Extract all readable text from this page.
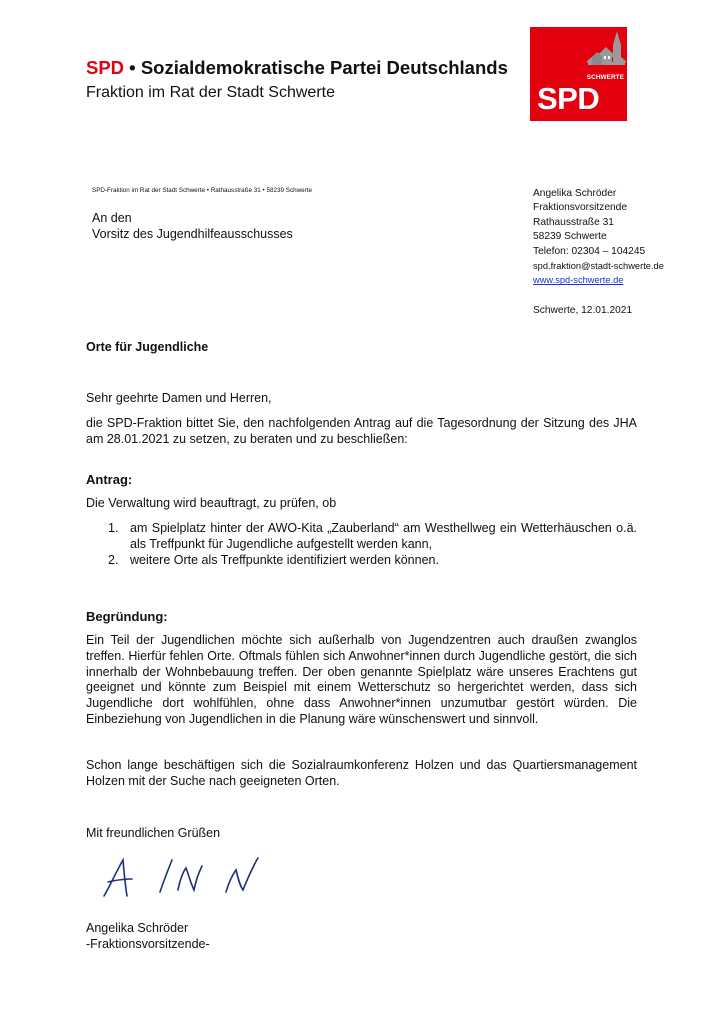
SPD • Sozialdemokratische Partei Deutschlands
Fraktion im Rat der Stadt Schwerte
SCHWERTE
SPD
SPD-Fraktion im Rat der Stadt Schwerte • Rathausstraße 31 • 58239 Schwerte
An den
Vorsitz des Jugendhilfeausschusses
Angelika Schröder
Fraktionsvorsitzende
Rathausstraße 31
58239 Schwerte
Telefon: 02304 – 104245
spd.fraktion@stadt-schwerte.de
www.spd-schwerte.de
Schwerte, 12.01.2021
Orte für Jugendliche
Sehr geehrte Damen und Herren,
die SPD-Fraktion bittet Sie, den nachfolgenden Antrag auf die Tagesordnung der Sitzung des JHA am 28.01.2021 zu setzen, zu beraten und zu beschließen:
Antrag:
Die Verwaltung wird beauftragt, zu prüfen, ob
1. am Spielplatz hinter der AWO-Kita „Zauberland“ am Westhellweg ein Wetterhäuschen o.ä. als Treffpunkt für Jugendliche aufgestellt werden kann,
2. weitere Orte als Treffpunkte identifiziert werden können.
Begründung:
Ein Teil der Jugendlichen möchte sich außerhalb von Jugendzentren auch draußen zwanglos treffen. Hierfür fehlen Orte. Oftmals fühlen sich Anwohner*innen durch Jugendliche gestört, die sich innerhalb der Wohnbebauung treffen. Der oben genannte Spielplatz wäre unseres Erachtens gut geeignet und könnte zum Beispiel mit einem Wetterschutz so hergerichtet werden, dass sich Jugendliche dort wohlfühlen, ohne dass Anwohner*innen unzumutbar gestört würden. Die Einbeziehung von Jugendlichen in die Planung wäre wünschenswert und sinnvoll.
Schon lange beschäftigen sich die Sozialraumkonferenz Holzen und das Quartiersmanagement Holzen mit der Suche nach geeigneten Orten.
Mit freundlichen Grüßen
Angelika Schröder
-Fraktionsvorsitzende-
